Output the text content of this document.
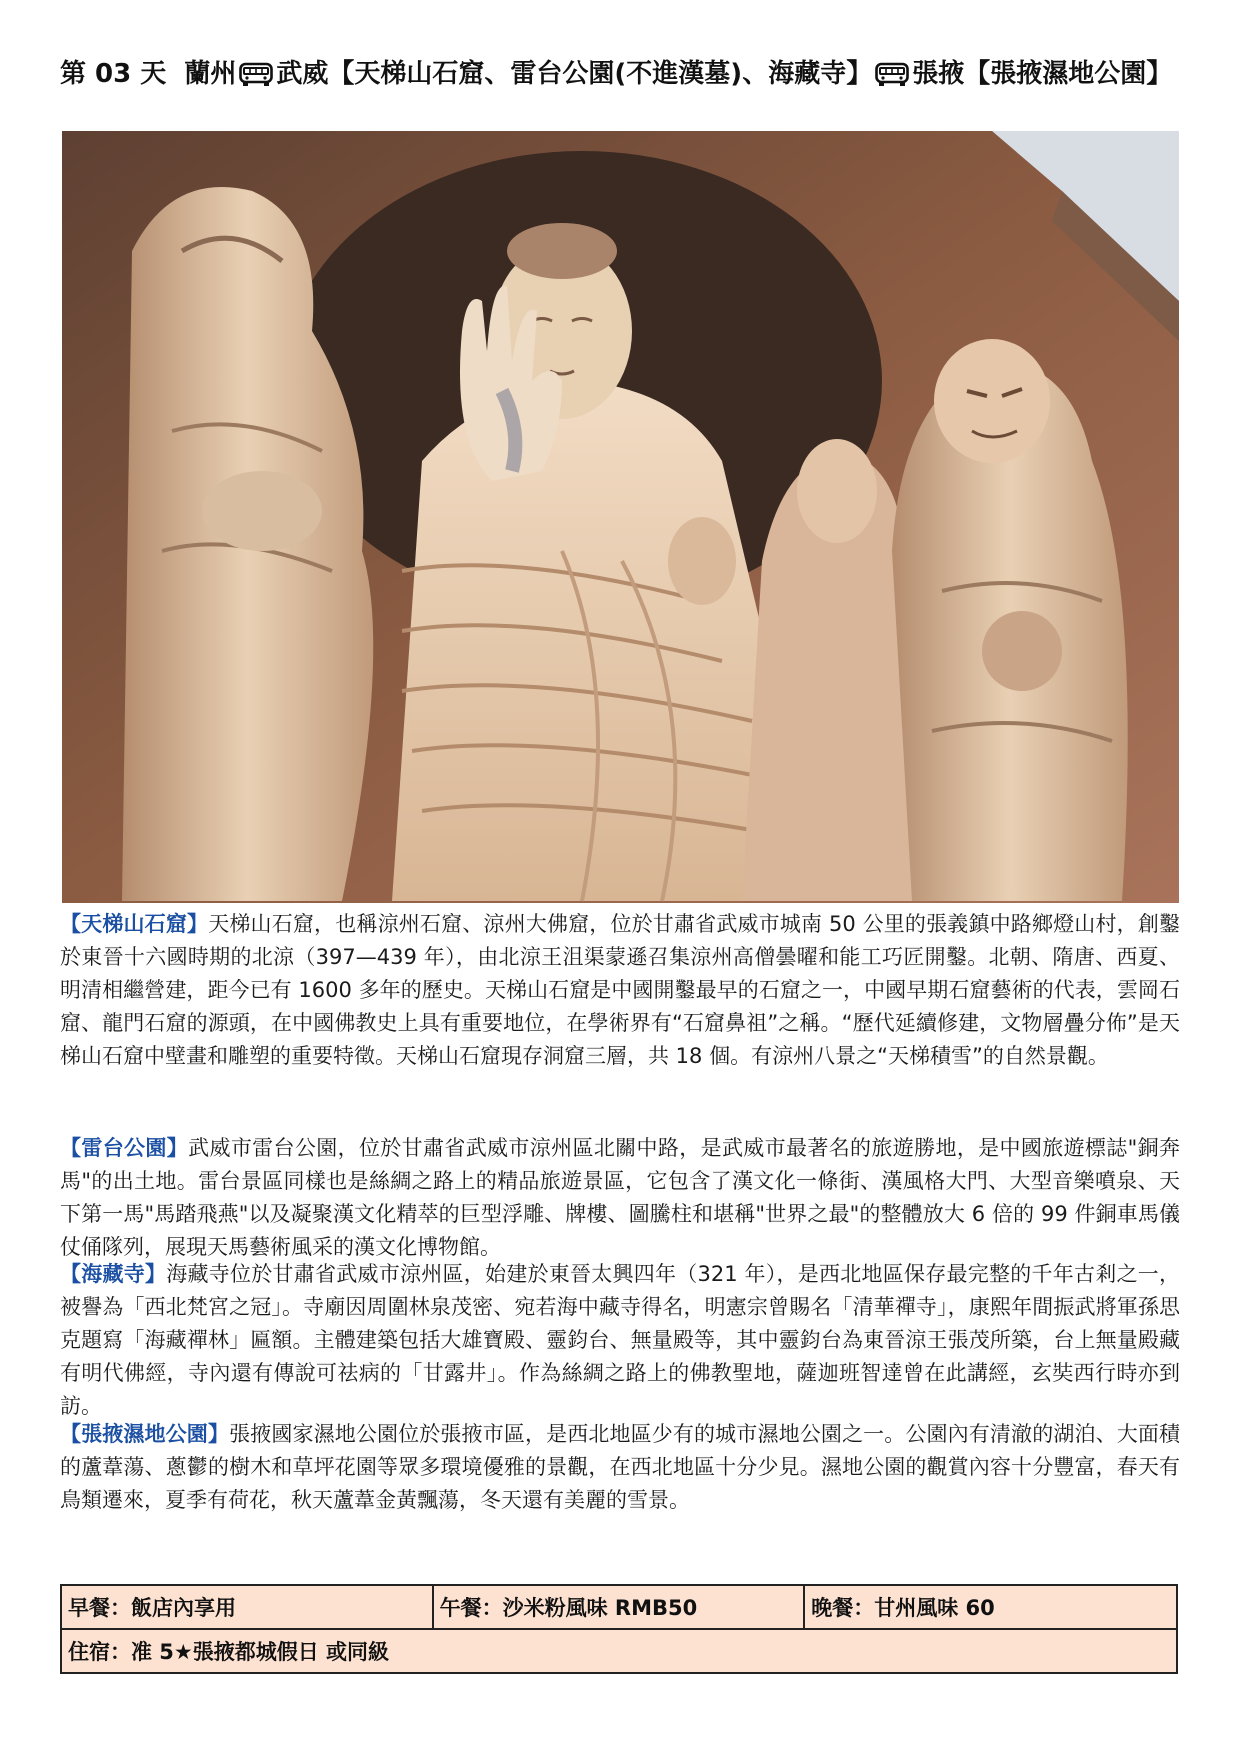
第 03 天 蘭州 武威【天梯山石窟、雷台公園(不進漢墓)、海藏寺】 張掖【張掖濕地公園】
【天梯山石窟】天梯山石窟，也稱涼州石窟、涼州大佛窟，位於甘肅省武威市城南 50 公里的張義鎮中路鄉燈山村，創鑿於東晉十六國時期的北涼（397—439 年），由北涼王沮渠蒙遜召集涼州高僧曇曜和能工巧匠開鑿。北朝、隋唐、西夏、明清相繼營建，距今已有 1600 多年的歷史。天梯山石窟是中國開鑿最早的石窟之一，中國早期石窟藝術的代表，雲岡石窟、龍門石窟的源頭，在中國佛教史上具有重要地位，在學術界有“石窟鼻祖”之稱。“歷代延續修建，文物層疊分佈”是天梯山石窟中壁畫和雕塑的重要特徵。天梯山石窟現存洞窟三層，共 18 個。有涼州八景之“天梯積雪”的自然景觀。
【雷台公園】武威市雷台公園，位於甘肅省武威市涼州區北關中路，是武威市最著名的旅遊勝地，是中國旅遊標誌"銅奔馬"的出土地。雷台景區同樣也是絲綢之路上的精品旅遊景區，它包含了漢文化一條街、漢風格大門、大型音樂噴泉、天下第一馬"馬踏飛燕"以及凝聚漢文化精萃的巨型浮雕、牌樓、圖騰柱和堪稱"世界之最"的整體放大 6 倍的 99 件銅車馬儀仗俑隊列，展現天馬藝術風采的漢文化博物館。
【海藏寺】海藏寺位於甘肅省武威市涼州區，始建於東晉太興四年（321 年），是西北地區保存最完整的千年古剎之一，被譽為「西北梵宮之冠」。寺廟因周圍林泉茂密、宛若海中藏寺得名，明憲宗曾賜名「清華禪寺」，康熙年間振武將軍孫思克題寫「海藏禪林」匾額。主體建築包括大雄寶殿、靈鈞台、無量殿等，其中靈鈞台為東晉涼王張茂所築，台上無量殿藏有明代佛經，寺內還有傳說可祛病的「甘露井」。作為絲綢之路上的佛教聖地，薩迦班智達曾在此講經，玄奘西行時亦到訪。
【張掖濕地公園】張掖國家濕地公園位於張掖市區，是西北地區少有的城市濕地公園之一。公園內有清澈的湖泊、大面積的蘆葦蕩、蔥鬱的樹木和草坪花園等眾多環境優雅的景觀，在西北地區十分少見。濕地公園的觀賞內容十分豐富，春天有鳥類遷來，夏季有荷花，秋天蘆葦金黃飄蕩，冬天還有美麗的雪景。
早餐：飯店內享用	午餐：沙米粉風味 RMB50	晚餐：甘州風味 60
住宿：准 5★張掖都城假日 或同級
